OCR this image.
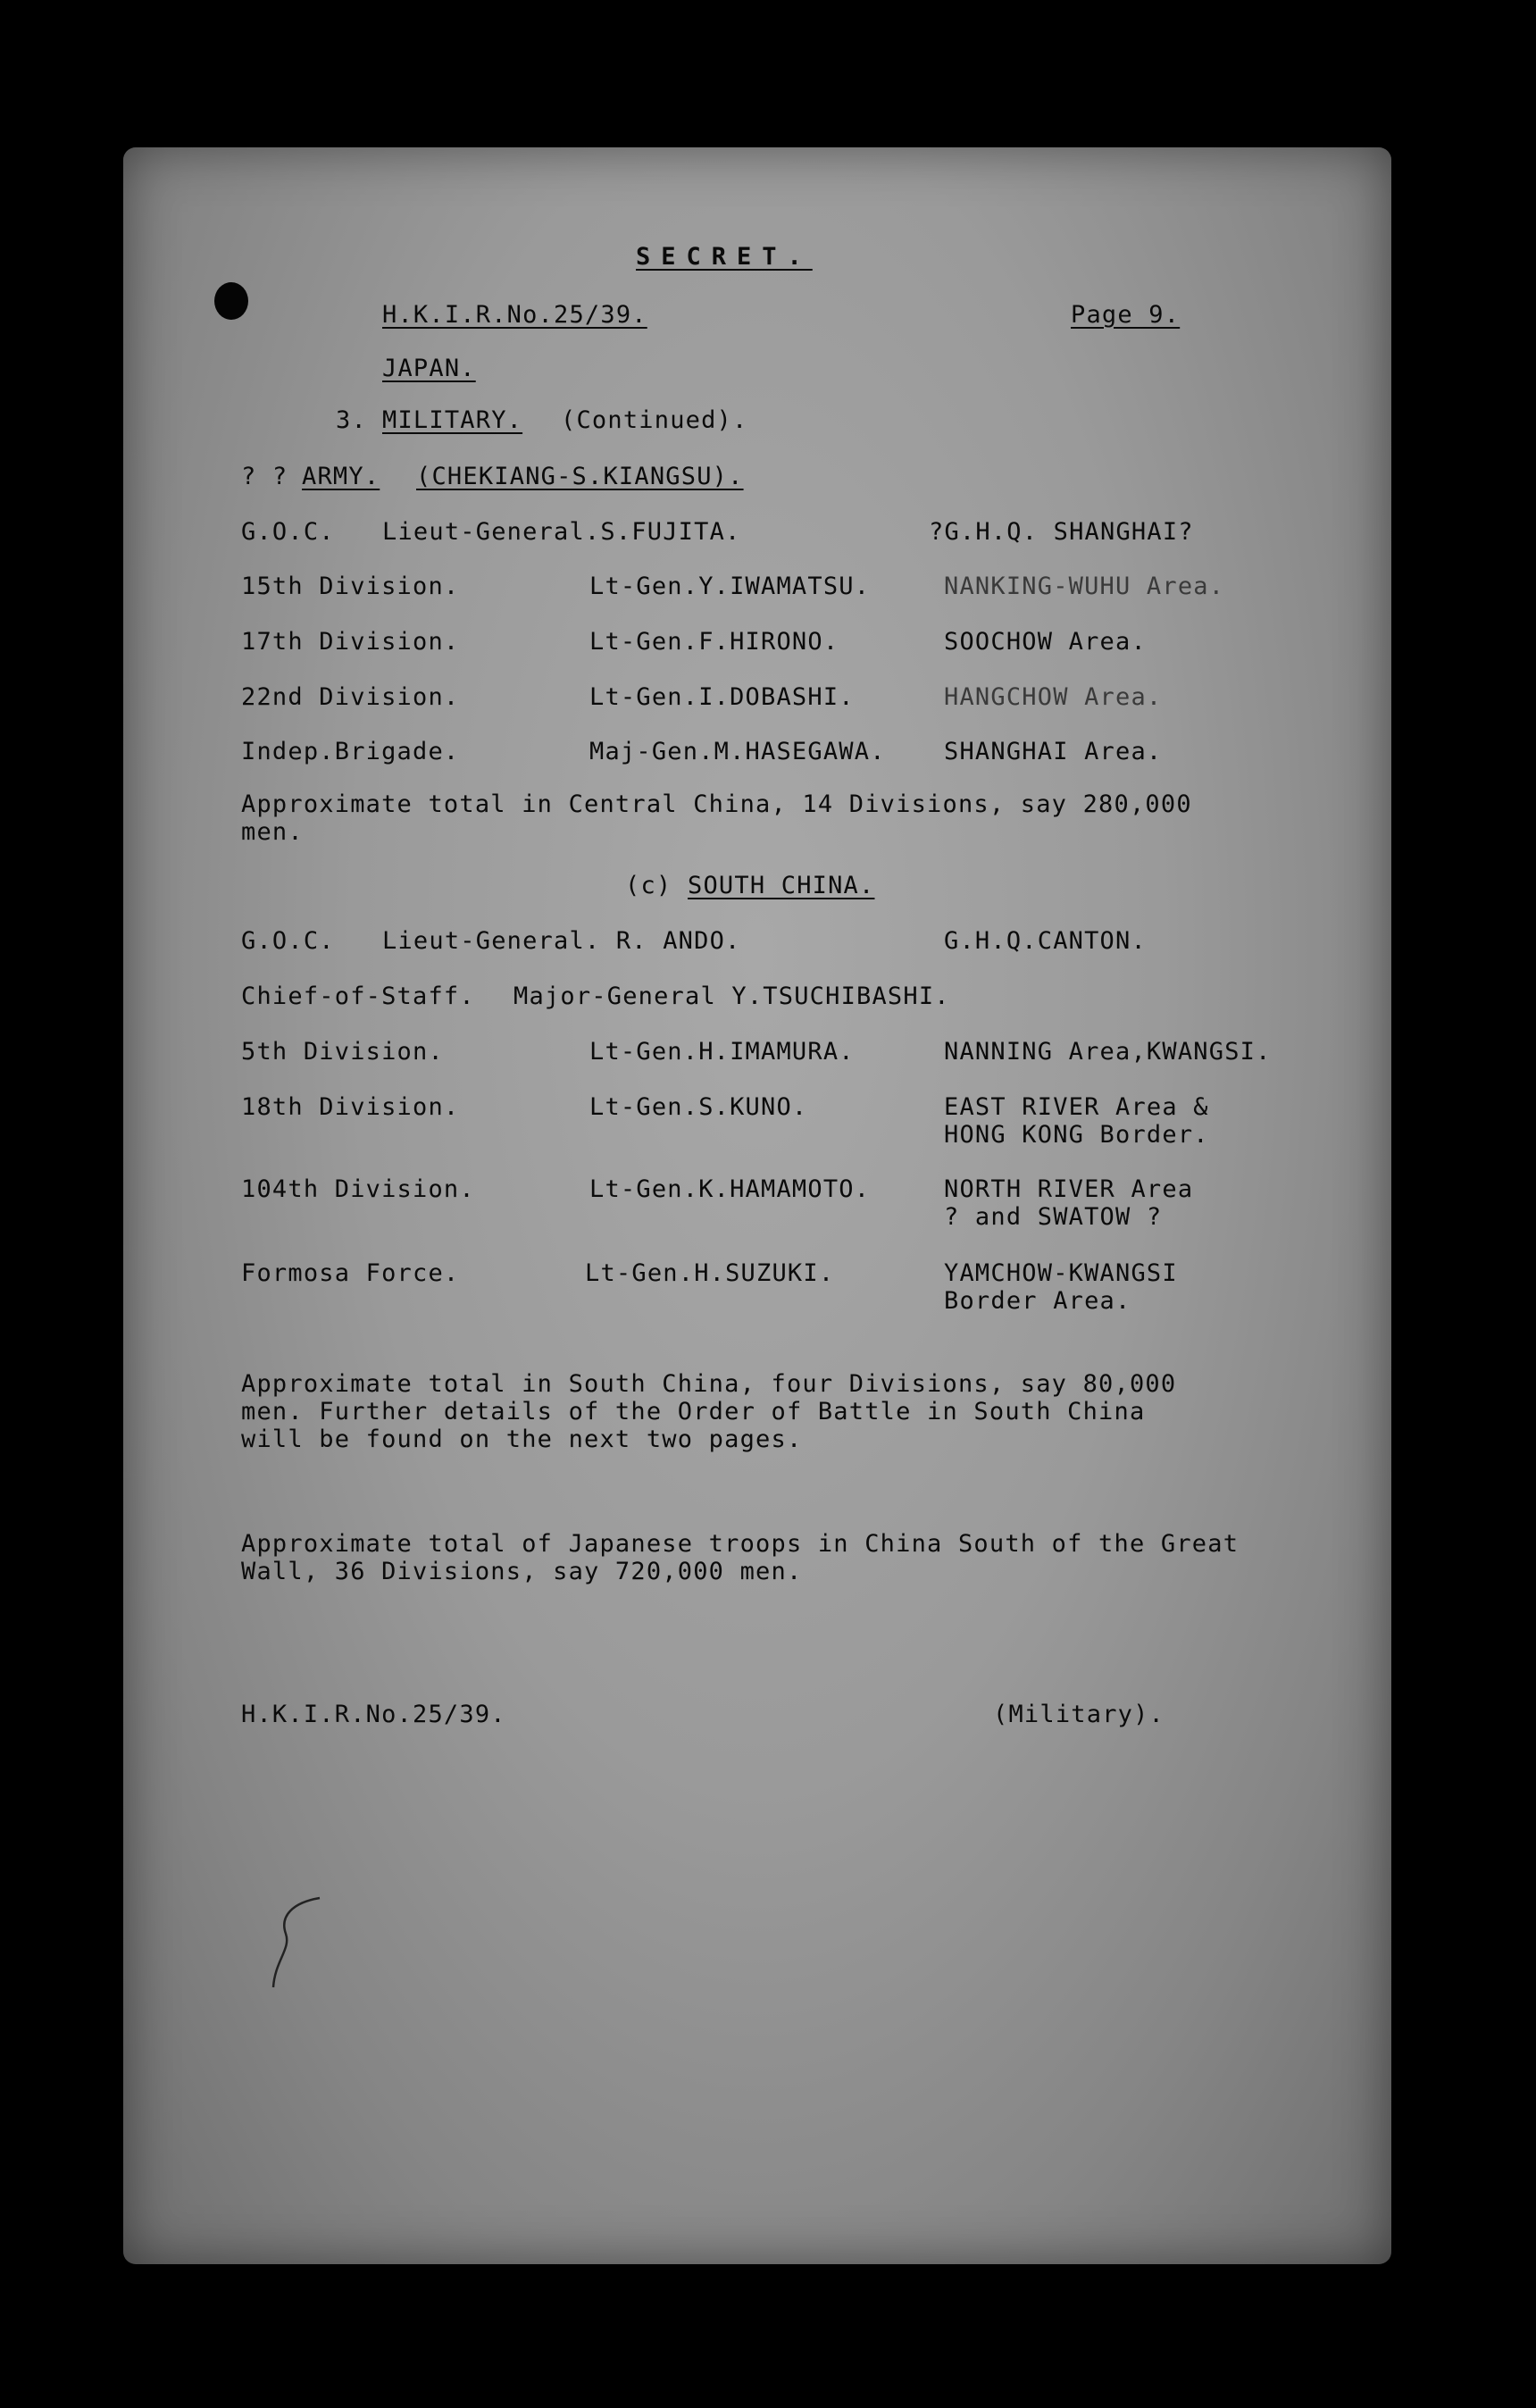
SECRET.
H.K.I.R.No.25/39.	Page 9.
JAPAN.
3. MILITARY. (Continued).
? ? ARMY. (CHEKIANG-S.KIANGSU).
G.O.C. Lieut-General.S.FUJITA.	?G.H.Q. SHANGHAI?
15th Division.	Lt-Gen.Y.IWAMATSU.	NANKING-WUHU Area.
17th Division.	Lt-Gen.F.HIRONO.	SOOCHOW Area.
22nd Division.	Lt-Gen.I.DOBASHI.	HANGCHOW Area.
Indep.Brigade.	Maj-Gen.M.HASEGAWA. SHANGHAI Area.
Approximate total in Central China, 14 Divisions, say 280,000
men.
(c) SOUTH CHINA.
G.O.C. Lieut-General. R. ANDO.	G.H.Q.CANTON.
Chief-of-Staff. Major-General Y.TSUCHIBASHI.
5th Division.	Lt-Gen.H.IMAMURA.	NANNING Area,KWANGSI.
18th Division.	Lt-Gen.S.KUNO.	EAST RIVER Area &
HONG KONG Border.
104th Division.	Lt-Gen.K.HAMAMOTO.	NORTH RIVER Area
? and SWATOW ?
Formosa Force.	Lt-Gen.H.SUZUKI.	YAMCHOW-KWANGSI
Border Area.
Approximate total in South China, four Divisions, say 80,000
men. Further details of the Order of Battle in South China
will be found on the next two pages.
Approximate total of Japanese troops in China South of the Great
Wall, 36 Divisions, say 720,000 men.
H.K.I.R.No.25/39.	(Military).
